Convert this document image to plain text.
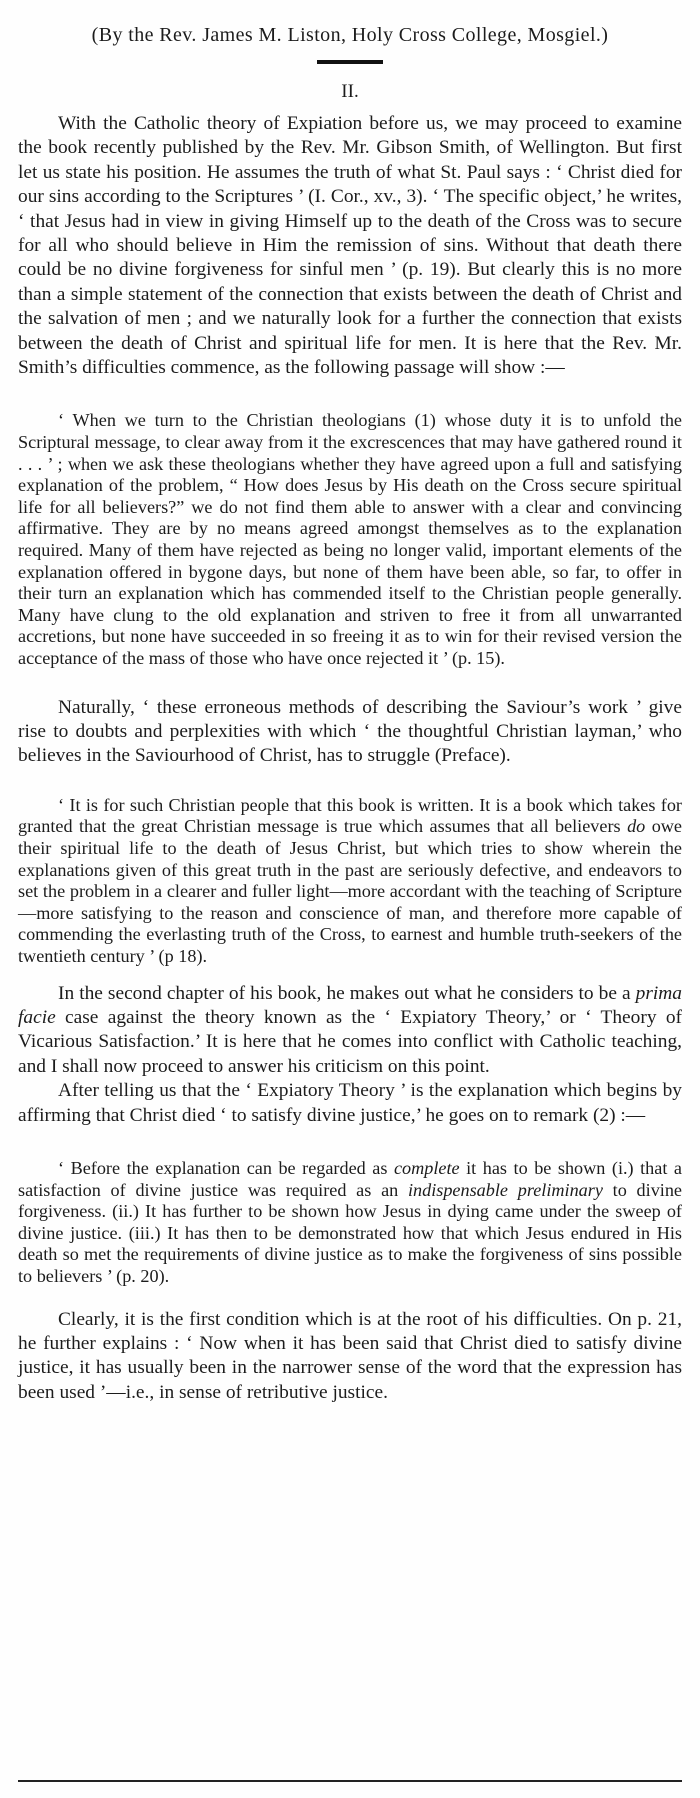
(By the Rev. James M. Liston, Holy Cross College, Mosgiel.)
II.

With the Catholic theory of Expiation before us, we may proceed to examine the book recently published by the Rev. Mr. Gibson Smith, of Wellington. But first let us state his position. He assumes the truth of what St. Paul says : ‘ Christ died for our sins according to the Scriptures ’ (I. Cor., xv., 3). ‘ The specific object,’ he writes, ‘ that Jesus had in view in giving Himself up to the death of the Cross was to secure for all who should believe in Him the remission of sins. Without that death there could be no divine forgiveness for sinful men ’ (p. 19). But clearly this is no more than a simple statement of the connection that exists between the death of Christ and the salvation of men ; and we naturally look for a further the connection that exists between the death of Christ and spiritual life for men. It is here that the Rev. Mr. Smith’s difficulties commence, as the following passage will show :—

‘ When we turn to the Christian theologians (1) whose duty it is to unfold the Scriptural message, to clear away from it the excrescences that may have gathered round it . . . ’ ; when we ask these theologians whether they have agreed upon a full and satisfying explanation of the problem, “ How does Jesus by His death on the Cross secure spiritual life for all believers?” we do not find them able to answer with a clear and convincing affirmative. They are by no means agreed amongst themselves as to the explanation required. Many of them have rejected as being no longer valid, important elements of the explanation offered in bygone days, but none of them have been able, so far, to offer in their turn an explanation which has commended itself to the Christian people generally. Many have clung to the old explanation and striven to free it from all unwarranted accretions, but none have succeeded in so freeing it as to win for their revised version the acceptance of the mass of those who have once rejected it ’ (p. 15).

Naturally, ‘ these erroneous methods of describing the Saviour’s work ’ give rise to doubts and perplexities with which ‘ the thoughtful Christian layman,’ who believes in the Saviourhood of Christ, has to struggle (Preface).

‘ It is for such Christian people that this book is written. It is a book which takes for granted that the great Christian message is true which assumes that all believers do owe their spiritual life to the death of Jesus Christ, but which tries to show wherein the explanations given of this great truth in the past are seriously defective, and endeavors to set the problem in a clearer and fuller light—more accordant with the teaching of Scripture—more satisfying to the reason and conscience of man, and therefore more capable of commending the everlasting truth of the Cross, to earnest and humble truth-seekers of the twentieth century ’ (p 18).

In the second chapter of his book, he makes out what he considers to be a prima facie case against the theory known as the ‘ Expiatory Theory,’ or ‘ Theory of Vicarious Satisfaction.’ It is here that he comes into conflict with Catholic teaching, and I shall now proceed to answer his criticism on this point.

After telling us that the ‘ Expiatory Theory ’ is the explanation which begins by affirming that Christ died ‘ to satisfy divine justice,’ he goes on to remark (2) :—

‘ Before the explanation can be regarded as complete it has to be shown (i.) that a satisfaction of divine justice was required as an indispensable preliminary to divine forgiveness. (ii.) It has further to be shown how Jesus in dying came under the sweep of divine justice. (iii.) It has then to be demonstrated how that which Jesus endured in His death so met the requirements of divine justice as to make the forgiveness of sins possible to believers ’ (p. 20).

Clearly, it is the first condition which is at the root of his difficulties. On p. 21, he further explains : ‘ Now when it has been said that Christ died to satisfy divine justice, it has usually been in the narrower sense of the word that the expression has been used ’—i.e., in sense of retributive justice.
